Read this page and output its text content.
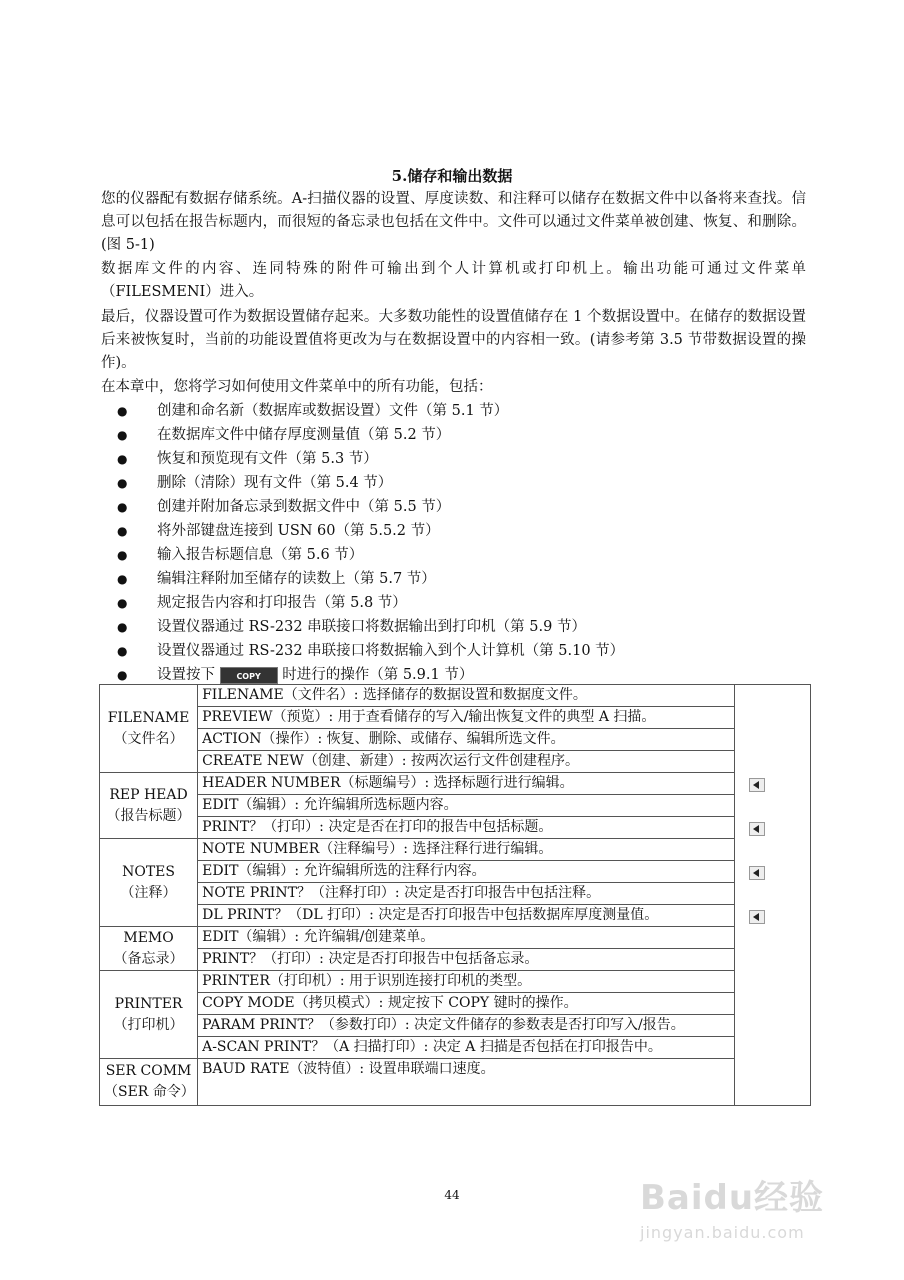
5.储存和输出数据

您的仪器配有数据存储系统。A-扫描仪器的设置、厚度读数、和注释可以储存在数据文件中以备将来查找。信息可以包括在报告标题内，而很短的备忘录也包括在文件中。文件可以通过文件菜单被创建、恢复、和删除。(图 5-1)

数据库文件的内容、连同特殊的附件可输出到个人计算机或打印机上。输出功能可通过文件菜单（FILESMENI）进入。

最后，仪器设置可作为数据设置储存起来。大多数功能性的设置值储存在 1 个数据设置中。在储存的数据设置后来被恢复时，当前的功能设置值将更改为与在数据设置中的内容相一致。(请参考第 3.5 节带数据设置的操作)。

在本章中，您将学习如何使用文件菜单中的所有功能，包括：

● 创建和命名新（数据库或数据设置）文件（第 5.1 节）
● 在数据库文件中储存厚度测量值（第 5.2 节）
● 恢复和预览现有文件（第 5.3 节）
● 删除（清除）现有文件（第 5.4 节）
● 创建并附加备忘录到数据文件中（第 5.5 节）
● 将外部键盘连接到 USN 60（第 5.5.2 节）
● 输入报告标题信息（第 5.6 节）
● 编辑注释附加至储存的读数上（第 5.7 节）
● 规定报告内容和打印报告（第 5.8 节）
● 设置仪器通过 RS-232 串联接口将数据输出到打印机（第 5.9 节）
● 设置仪器通过 RS-232 串联接口将数据输入到个人计算机（第 5.10 节）
● 设置按下	COPY 时进行的操作（第 5.9.1 节）
FILENAME
（文件名）	FILENAME（文件名）: 选择储存的数据设置和数据度文件。	

	PREVIEW（预览）: 用于查看储存的写入/输出恢复文件的典型 A 扫描。	
	ACTION（操作）: 恢复、删除、或储存、编辑所选文件。	
	CREATE NEW（创建、新建）: 按两次运行文件创建程序。	

REP HEAD
（报告标题）	HEADER NUMBER（标题编号）: 选择标题行进行编辑。	
	EDIT（编辑）: 允许编辑所选标题内容。	
	PRINT？（打印）: 决定是否在打印的报告中包括标题。	

NOTES
（注释）	NOTE NUMBER（注释编号）: 选择注释行进行编辑。	
	EDIT（编辑）: 允许编辑所选的注释行内容。	
	NOTE PRINT？（注释打印）: 决定是否打印报告中包括注释。	
	DL PRINT？（DL 打印）: 决定是否打印报告中包括数据库厚度测量值。	

MEMO
（备忘录）	EDIT（编辑）: 允许编辑/创建菜单。	
	PRINT？（打印）: 决定是否打印报告中包括备忘录。	

PRINTER
（打印机）	PRINTER（打印机）: 用于识别连接打印机的类型。	
	COPY MODE（拷贝模式）: 规定按下 COPY 键时的操作。	
	PARAM PRINT？（参数打印）: 决定文件储存的参数表是否打印写入/报告。	
	A-SCAN PRINT？（A 扫描打印）: 决定 A 扫描是否包括在打印报告中。	

SER COMM
（SER 命令）	BAUD RATE（波特值）: 设置串联端口速度。	
44	Baidu经验
jingyan.baidu.com
